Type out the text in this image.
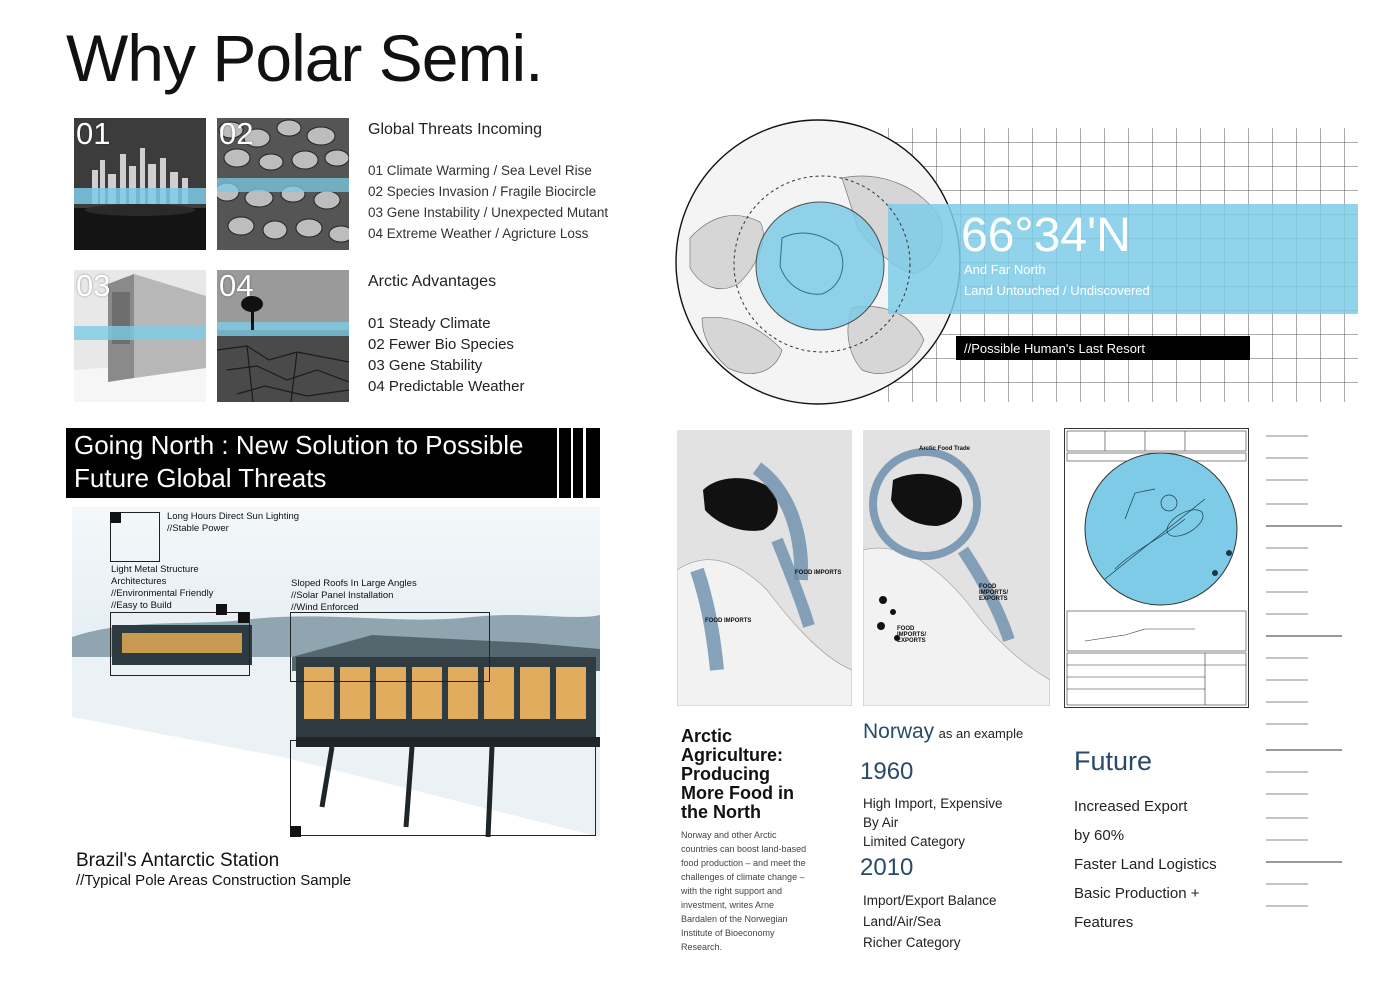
Why Polar Semi.
01	02
03	04
Global Threats Incoming
01 Climate Warming / Sea Level Rise
02 Species Invasion / Fragile Biocircle
03 Gene Instability / Unexpected Mutant
04 Extreme Weather / Agricture Loss
Arctic Advantages
01 Steady Climate
02 Fewer Bio Species
03 Gene Stability
04 Predictable Weather
66°34'N
And Far North
Land Untouched / Undiscovered
//Possible Human's Last Resort
Going North : New Solution to Possible
Future Global Threats
Long Hours Direct Sun Lighting
//Stable Power
Light Metal Structure
Architectures
//Environmental Friendly
//Easy to Build
Sloped Roofs In Large Angles
//Solar Panel Installation
//Wind Enforced
Brazil's Antarctic Station
//Typical Pole Areas Construction Sample
FOOD IMPORTS
FOOD IMPORTS
Arctic Food Trade
FOOD IMPORTS/ EXPORTS
FOOD IMPORTS/ EXPORTS
Arctic Agriculture: Producing More Food in the North
Norway and other Arctic countries can boost land-based food production – and meet the challenges of climate change – with the right support and investment, writes Arne Bardalen of the Norwegian Institute of Bioeconomy Research.
Norway as an example
1960
High Import, Expensive
By Air
Limited Category
2010
Import/Export Balance
Land/Air/Sea
Richer Category
Future
Increased Export
by 60%
Faster Land Logistics
Basic Production +
Features
